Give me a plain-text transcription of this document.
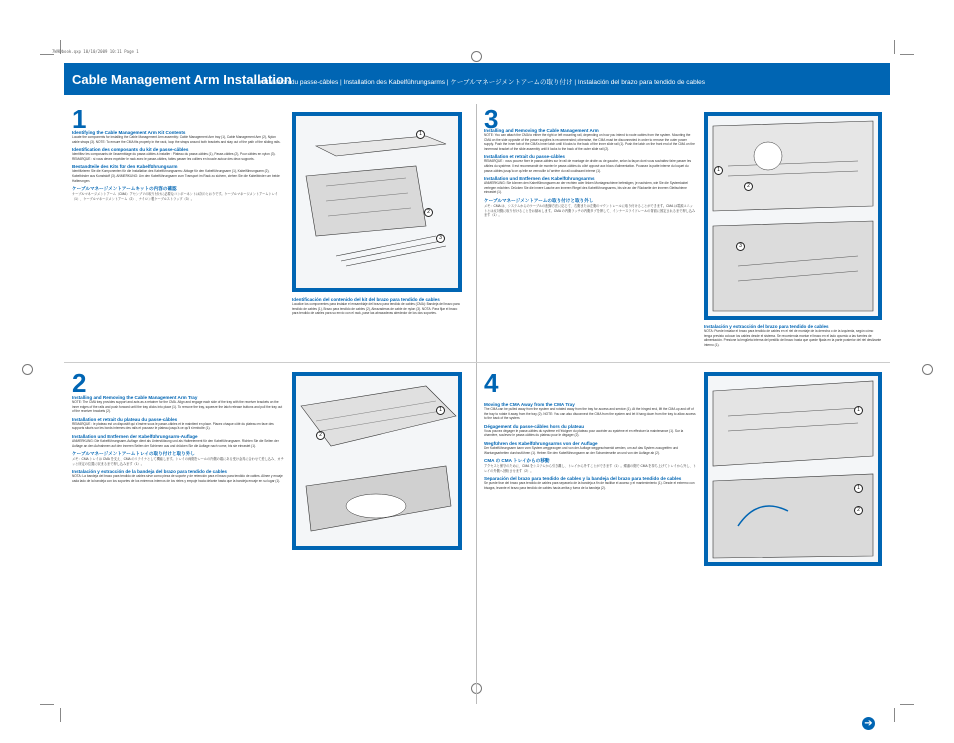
7W9Dbook.qxp 10/10/2009 10:11 Page 1
Cable Management Arm Installation
Installation du passe-câbles | Installation des Kabelführungsarms | ケーブルマネージメントアームの取り付け | Instalación del brazo para tendido de cables
1
Identifying the Cable Management Arm Kit Contents
Locate the components for installing the Cable Management Arm assembly: Cable Management Arm tray (1), Cable Management Arm (2), Nylon cable straps (3). NOTE: To ensure the CMA fits properly in the rack, loop the straps around both brackets and stay out of the path of the sliding rails.
Identification des composants du kit de passe-câbles
Identifiez les composants de l'assemblage du passe-câbles à installer : Plateau du passe-câbles (1), Passe-câbles (2), Pour câbles en nylon (3). REMARQUE : si vous devez expédier le rack avec le passe-câbles, faites passer les colliers en boucle autour des deux supports.
Bestandteile des Kits für den Kabelführungsarm
Identifizieren Sie die Komponenten für die Installation des Kabelführungsarms: Ablage für den Kabelführungsarm (1), Kabelführungsarm (2), Kabelbinder aus Kunststoff (3). ANMERKUNG: Um den Kabelführungsarm zum Transport im Rack zu sichern, ziehen Sie die Kabelbinder um beide Halterungen.
ケーブルマネージメントアームキットの内容の確認
ケーブルマネージメントアーム（CMA）アセンブリの取り付けに必要なコンポーネントは次のとおりです。ケーブルマネージメントアームトレイ（1）、ケーブルマネージメントアーム（2）、ナイロン製ケーブルストラップ（3）。
1
2
3
Identificación del contenido del kit del brazo para tendido de cables
Localice los componentes para instalar el ensamblaje del brazo para tendido de cables (CMA): Bandeja del brazo para tendido de cables (1), Brazo para tendido de cables (2), Abrazaderas de cable de nylon (3). NOTA: Para fijar el brazo para tendido de cables para su envío con el rack, pase las abrazaderas alrededor de los dos soportes.
2
Installing and Removing the Cable Management Arm Tray
NOTE: The CMA tray provides support and acts as a retainer for the CMA. Align and engage each side of the tray with the receiver brackets on the inner edges of the rails and push forward until the tray clicks into place (1). To remove the tray, squeeze the latch release buttons and pull the tray out of the receiver brackets (2).
Installation et retrait du plateau du passe-câbles
REMARQUE : le plateau est un dispositif qui s'insère sous le passe-câbles et le maintient en place. Placez chaque côté du plateau en face des supports situés sur les bords internes des rails et poussez le plateau jusqu'à ce qu'il s'emboîte (1).
Installation und Entfernen der Kabelführungsarm-Auflage
ANMERKUNG: Die Kabelführungsarm-Auflage dient als Unterstützung und als Halteelement für den Kabelführungsarm. Richten Sie die Seiten der Auflage an den Aufnahmen auf den inneren Seiten der Schienen aus und drücken Sie die Auflage nach vorne, bis sie einrastet (1).
ケーブルマネージメントアームトレイの取り付けと取り外し
メモ：CMA トレイは CMA を支え、CMA のリテイナとして機能します。トレイの両側をレールの内側の端にある受け金具に合わせて差し込み、カチッと所定の位置に収まるまで押し込みます（1）。
Instalación y extracción de la bandeja del brazo para tendido de cables
NOTA: La bandeja del brazo para tendido de cables sirve como pieza de soporte y de retención para el brazo para tendido de cables. Alinee y encaje cada lado de la bandeja con los soportes de los extremos internos de los rieles y empuje hacia delante hasta que la bandeja encaje en su lugar (1).
1
2
3
Installing and Removing the Cable Management Arm
NOTE: You can attach the CMA to either the right or left mounting rail, depending on how you intend to route cables from the system. Mounting the CMA on the side opposite of the power supplies is recommended; otherwise, the CMA must be disconnected in order to remove the outer power supply. Push the inner tab of the CMA's inner latch until it locks to the back of the inner slide rail (1). Push the latch on the front end of the CMA on the innermost bracket of the slide assembly until it locks to the back of the outer slide rail (2).
Installation et retrait du passe-câbles
REMARQUE : vous pouvez fixer le passe-câbles sur le rail de montage de droite ou de gauche, selon la façon dont vous souhaitez faire passer les câbles du système. Il est recommandé de monter le passe-câbles du côté opposé aux blocs d'alimentation. Poussez la patte interne du loquet du passe-câbles jusqu'à ce qu'elle se verrouille à l'arrière du rail coulissant interne (1).
Installation und Entfernen des Kabelführungsarms
ANMERKUNG: Sie können den Kabelführungsarm an der rechten oder linken Montageschiene befestigen, je nachdem, wie Sie die Systemkabel verlegen möchten. Drücken Sie die innere Lasche am inneren Riegel des Kabelführungsarms, bis sie an der Rückseite der inneren Gleitschiene einrastet (1).
ケーブルマネージメントアームの取り付けと取り外し
メモ：CMA は、システムからのケーブルの配線方法に応じて、右側または左側のマウントレールに取り付けることができます。CMA は電源ユニットとは反対側に取り付けることをお勧めします。CMA の内側ラッチの内側タブを押して、インナースライドレールの背面に固定されるまで押し込みます（1）。
1
2
3
Instalación y extracción del brazo para tendido de cables
NOTA: Puede instalar el brazo para tendido de cables en el riel de montaje de la derecha o de la izquierda, según cómo tenga previsto colocar los cables desde el sistema. Se recomienda montar el brazo en el lado opuesto a las fuentes de alimentación. Presione la lengüeta interna del pestillo del brazo hasta que quede fijada en la parte posterior del riel deslizante interno (1).
4
Moving the CMA Away from the CMA Tray
The CMA can be pulled away from the system and rotated away from the tray for access and service (1). At the hinged end, lift the CMA up and off of the tray to rotate it away from the tray (2). NOTE: You can also disconnect the CMA from the system and let it hang down from the tray to allow access to the back of the system.
Dégagement du passe-câbles hors du plateau
Vous pouvez dégager le passe-câbles du système et l'éloigner du plateau pour accéder au système et en effectuer la maintenance (1). Sur la charnière, soulevez le passe-câbles du plateau pour le dégager (2).
Wegführen des Kabelführungsarms von der Auflage
Der Kabelführungsarm kann vom System weggezogen und von der Auflage weggeschwenkt werden, um auf das System zuzugreifen und Wartungsarbeiten durchzuführen (1). Heben Sie den Kabelführungsarm an der Scharnierseite an und von der Auflage ab (2).
CMA の CMA トレイからの移動
アクセスと保守のために、CMA をシステムから引き離し、トレイから外すことができます（1）。蝶番の側で CMA を持ち上げてトレイから外し、トレイの外側へ回転させます（2）。
Separación del brazo para tendido de cables y la bandeja del brazo para tendido de cables
Se puede tirar del brazo para tendido de cables para separarlo de la bandeja a fin de facilitar el acceso y el mantenimiento (1). Desde el extremo con bisagra, levante el brazo para tendido de cables hacia arriba y fuera de la bandeja (2).
1
1
2
➔
